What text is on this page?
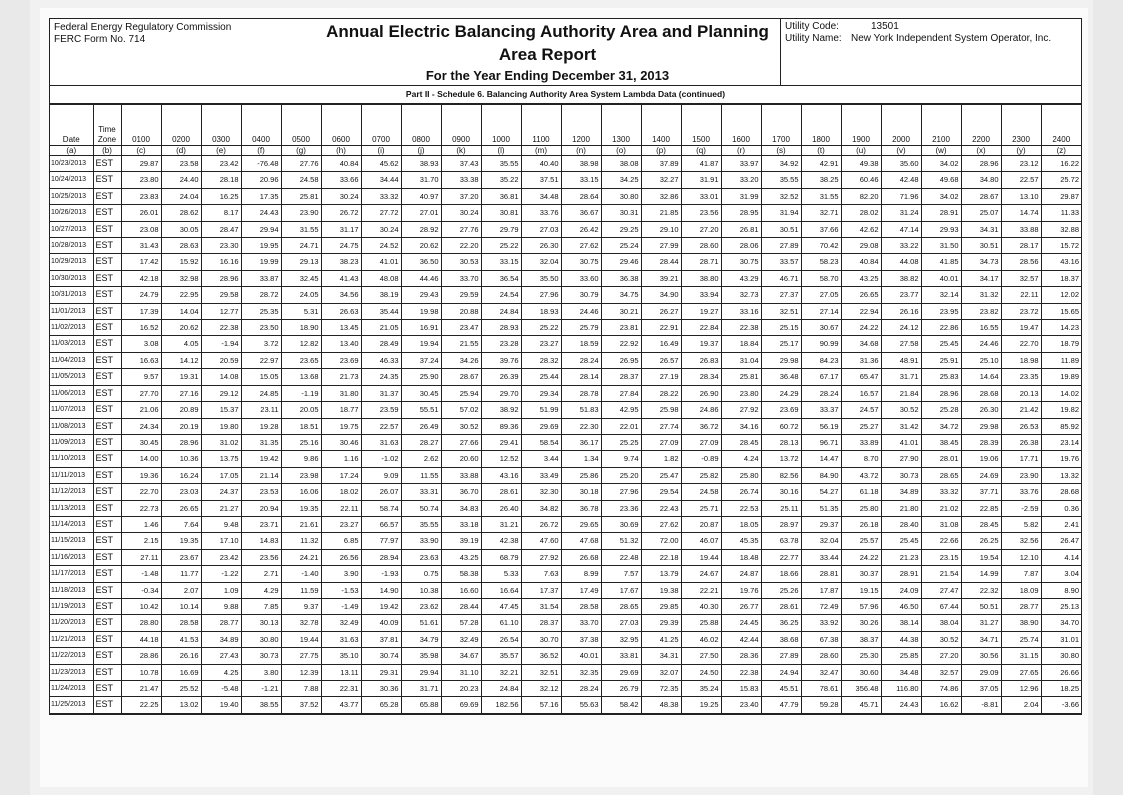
Federal Energy Regulatory Commission
FERC Form No. 714	Annual Electric Balancing Authority Area and Planning
Area Report
For the Year Ending December 31, 2013
Utility Code:	13501
Utility Name: New York Independent System Operator, Inc.
Part II - Schedule 6. Balancing Authority Area System Lambda Data (continued)
Date	Time Zone	0100	0200	0300	0400	0500	0600	0700	0800	0900	1000	1100	1200	1300	1400	1500	1600	1700	1800	1900	2000	2100	2200	2300	2400
(a)	(b)	(c)	(d)	(e)	(f)	(g)	(h)	(i)	(j)	(k)	(l)	(m)	(n)	(o)	(p)	(q)	(r)	(s)	(t)	(u)	(v)	(w)	(x)	(y)	(z)
10/23/2013	EST	29.87	23.58	23.42	-76.48	27.76	40.84	45.62	38.93	37.43	35.55	40.40	38.98	38.08	37.89	41.87	33.97	34.92	42.91	49.38	35.60	34.02	28.96	23.12	16.22
10/24/2013	EST	23.80	24.40	28.18	20.96	24.58	33.66	34.44	31.70	33.38	35.22	37.51	33.15	34.25	32.27	31.91	33.20	35.55	38.25	60.46	42.48	49.68	34.80	22.57	25.72
10/25/2013	EST	23.83	24.04	16.25	17.35	25.81	30.24	33.32	40.97	37.20	36.81	34.48	28.64	30.80	32.86	33.01	31.99	32.52	31.55	82.20	71.96	34.02	28.67	13.10	29.87
10/26/2013	EST	26.01	28.62	8.17	24.43	23.90	26.72	27.72	27.01	30.24	30.81	33.76	36.67	30.31	21.85	23.56	28.95	31.94	32.71	28.02	31.24	28.91	25.07	14.74	11.33
10/27/2013	EST	23.08	30.05	28.47	29.94	31.55	31.17	30.24	28.92	27.76	29.79	27.03	26.42	29.25	29.10	27.20	26.81	30.51	37.66	42.62	47.14	29.93	34.31	33.88	32.88
10/28/2013	EST	31.43	28.63	23.30	19.95	24.71	24.75	24.52	20.62	22.20	25.22	26.30	27.62	25.24	27.99	28.60	28.06	27.89	70.42	29.08	33.22	31.50	30.51	28.17	15.72
10/29/2013	EST	17.42	15.92	16.16	19.99	29.13	38.23	41.01	36.50	30.53	33.15	32.04	30.75	29.46	28.44	28.71	30.75	33.57	58.23	40.84	44.08	41.85	34.73	28.56	43.16
10/30/2013	EST	42.18	32.98	28.96	33.87	32.45	41.43	48.08	44.46	33.70	36.54	35.50	33.60	36.38	39.21	38.80	43.29	46.71	58.70	43.25	38.82	40.01	34.17	32.57	18.37
10/31/2013	EST	24.79	22.95	29.58	28.72	24.05	34.56	38.19	29.43	29.59	24.54	27.96	30.79	34.75	34.90	33.94	32.73	27.37	27.05	26.65	23.77	32.14	31.32	22.11	12.02
11/01/2013	EST	17.39	14.04	12.77	25.35	5.31	26.63	35.44	19.98	20.88	24.84	18.93	24.46	30.21	26.27	19.27	33.16	32.51	27.14	22.94	26.16	23.95	23.82	23.72	15.65
11/02/2013	EST	16.52	20.62	22.38	23.50	18.90	13.45	21.05	16.91	23.47	28.93	25.22	25.79	23.81	22.91	22.84	22.38	25.15	30.67	24.22	24.12	22.86	16.55	19.47	14.23
11/03/2013	EST	3.08	4.05	-1.94	3.72	12.82	13.40	28.49	19.94	21.55	23.28	23.27	18.59	22.92	16.49	19.37	18.84	25.17	90.99	34.68	27.58	25.45	24.46	22.70	18.79
11/04/2013	EST	16.63	14.12	20.59	22.97	23.65	23.69	46.33	37.24	34.26	39.76	28.32	28.24	26.95	26.57	26.83	31.04	29.98	84.23	31.36	48.91	25.91	25.10	18.98	11.89
11/05/2013	EST	9.57	19.31	14.08	15.05	13.68	21.73	24.35	25.90	28.67	26.39	25.44	28.14	28.37	27.19	28.34	25.81	36.48	67.17	65.47	31.71	25.83	14.64	23.35	19.89
11/06/2013	EST	27.70	27.16	29.12	24.85	-1.19	31.80	31.37	30.45	25.94	29.70	29.34	28.78	27.84	28.22	26.90	23.80	24.29	28.24	16.57	21.84	28.96	28.68	20.13	14.02
11/07/2013	EST	21.06	20.89	15.37	23.11	20.05	18.77	23.59	55.51	57.02	38.92	51.99	51.83	42.95	25.98	24.86	27.92	23.69	33.37	24.57	30.52	25.28	26.30	21.42	19.82
11/08/2013	EST	24.34	20.19	19.80	19.28	18.51	19.75	22.57	26.49	30.52	89.36	29.69	22.30	22.01	27.74	36.72	34.16	60.72	56.19	25.27	31.42	34.72	29.98	26.53	85.92
11/09/2013	EST	30.45	28.96	31.02	31.35	25.16	30.46	31.63	28.27	27.66	29.41	58.54	36.17	25.25	27.09	27.09	28.45	28.13	96.71	33.89	41.01	38.45	28.39	26.38	23.14
11/10/2013	EST	14.00	10.36	13.75	19.42	9.86	1.16	-1.02	2.62	20.60	12.52	3.44	1.34	9.74	1.82	-0.89	4.24	13.72	14.47	8.70	27.90	28.01	19.06	17.71	19.76
11/11/2013	EST	19.36	16.24	17.05	21.14	23.98	17.24	9.09	11.55	33.88	43.16	33.49	25.86	25.20	25.47	25.82	25.80	82.56	84.90	43.72	30.73	28.65	24.69	23.90	13.32
11/12/2013	EST	22.70	23.03	24.37	23.53	16.06	18.02	26.07	33.31	36.70	28.61	32.30	30.18	27.96	29.54	24.58	26.74	30.16	54.27	61.18	34.89	33.32	37.71	33.76	28.68
11/13/2013	EST	22.73	26.65	21.27	20.94	19.35	22.11	58.74	50.74	34.83	26.40	34.82	36.78	23.36	22.43	25.71	22.53	25.11	51.35	25.80	21.80	21.02	22.85	-2.59	0.36
11/14/2013	EST	1.46	7.64	9.48	23.71	21.61	23.27	66.57	35.55	33.18	31.21	26.72	29.65	30.69	27.62	20.87	18.05	28.97	29.37	26.18	28.40	31.08	28.45	5.82	2.41
11/15/2013	EST	2.15	19.35	17.10	14.83	11.32	6.85	77.97	33.90	39.19	42.38	47.60	47.68	51.32	72.00	46.07	45.35	63.78	32.04	25.57	25.45	22.66	26.25	32.56	26.47
11/16/2013	EST	27.11	23.67	23.42	23.56	24.21	26.56	28.94	23.63	43.25	68.79	27.92	26.68	22.48	22.18	19.44	18.48	22.77	33.44	24.22	21.23	23.15	19.54	12.10	4.14
11/17/2013	EST	-1.48	11.77	-1.22	2.71	-1.40	3.90	-1.93	0.75	58.38	5.33	7.63	8.99	7.57	13.79	24.67	24.87	18.66	28.81	30.37	28.91	21.54	14.99	7.87	3.04
11/18/2013	EST	-0.34	2.07	1.09	4.29	11.59	-1.53	14.90	10.38	16.60	16.64	17.37	17.49	17.67	19.38	22.21	19.76	25.26	17.87	19.15	24.09	27.47	22.32	18.09	8.90
11/19/2013	EST	10.42	10.14	9.88	7.85	9.37	-1.49	19.42	23.62	28.44	47.45	31.54	28.58	28.65	29.85	40.30	26.77	28.61	72.49	57.96	46.50	67.44	50.51	28.77	25.13
11/20/2013	EST	28.80	28.58	28.77	30.13	32.78	32.49	40.09	51.61	57.28	61.10	28.37	33.70	27.03	29.39	25.88	24.45	36.25	33.92	30.26	38.14	38.04	31.27	38.90	34.70
11/21/2013	EST	44.18	41.53	34.89	30.80	19.44	31.63	37.81	34.79	32.49	26.54	30.70	37.38	32.95	41.25	46.02	42.44	38.68	67.38	38.37	44.38	30.52	34.71	25.74	31.01
11/22/2013	EST	28.86	26.16	27.43	30.73	27.75	35.10	30.74	35.98	34.67	35.57	36.52	40.01	33.81	34.31	27.50	28.36	27.89	28.60	25.30	25.85	27.20	30.56	31.15	30.80
11/23/2013	EST	10.78	16.69	4.25	3.80	12.39	13.11	29.31	29.94	31.10	32.21	32.51	32.35	29.69	32.07	24.50	22.38	24.94	32.47	30.60	34.48	32.57	29.09	27.65	26.66
11/24/2013	EST	21.47	25.52	-5.48	-1.21	7.88	22.31	30.36	31.71	20.23	24.84	32.12	28.24	26.79	72.35	35.24	15.83	45.51	78.61	356.48	116.80	74.86	37.05	12.96	18.25
11/25/2013	EST	22.25	13.02	19.40	38.55	37.52	43.77	65.28	65.88	69.69	182.56	57.16	55.63	58.42	48.38	19.25	23.40	47.79	59.28	45.71	24.43	16.62	-8.81	2.04	-3.66
